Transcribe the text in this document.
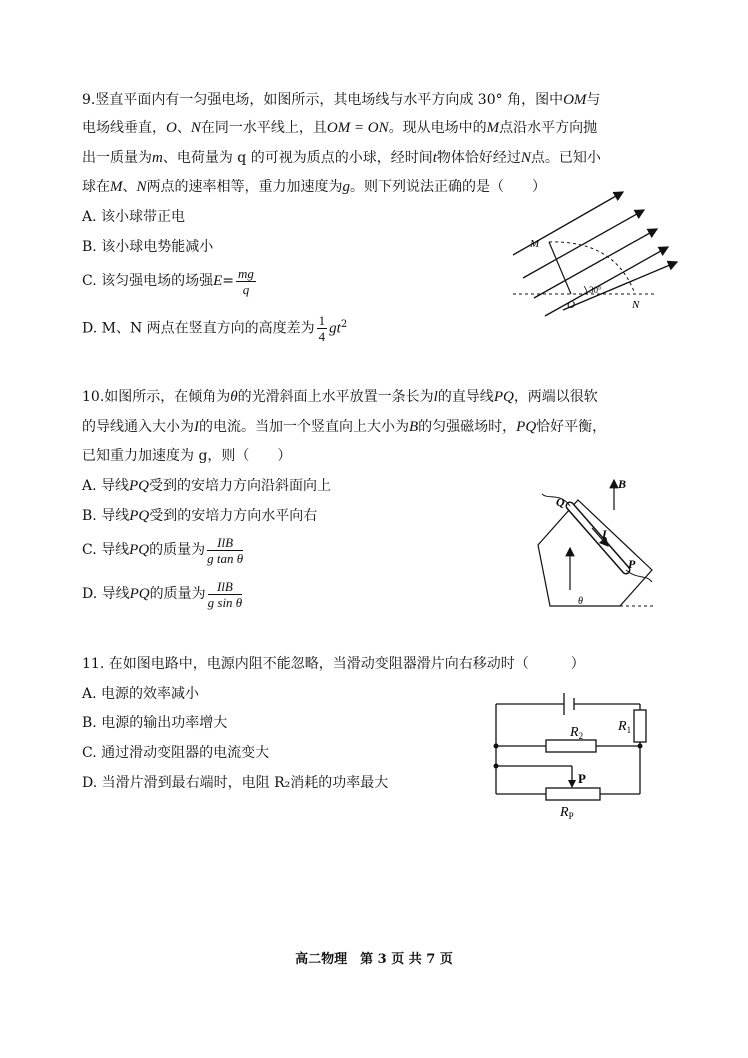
9.竖直平面内有一匀强电场，如图所示，其电场线与水平方向成 30° 角，图中OM与
电场线垂直，O、N在同一水平线上，且OM = ON。现从电场中的M点沿水平方向抛
出一质量为m、电荷量为 q 的可视为质点的小球，经时间t物体恰好经过N点。已知小
球在M、N两点的速率相等，重力加速度为g。则下列说法正确的是（　　）
A. 该小球带正电
B. 该小球电势能减小
C. 该匀强电场的场强$E= \frac{mg}{q}$
D. M、N 两点在竖直方向的高度差为 $\frac{1}{4} gt^2$
M
O
30°
N
10.如图所示，在倾角为θ的光滑斜面上水平放置一条长为l的直导线PQ，两端以很软
的导线通入大小为I的电流。当加一个竖直向上大小为B的匀强磁场时，PQ恰好平衡，
已知重力加速度为 g，则（　　）
A. 导线PQ受到的安培力方向沿斜面向上
B. 导线PQ受到的安培力方向水平向右
C. 导线PQ的质量为 $\frac{\text{IlB}}{\text{g tan θ}}$
D. 导线PQ的质量为 $\frac{\text{IlB}}{\text{g sin θ}}$	θ
B
I
Q
P
11. 在如图电路中，电源内阻不能忽略，当滑动变阻器滑片向右移动时（　　　）
A. 电源的效率减小
B. 电源的输出功率增大
C. 通过滑动变阻器的电流变大
D. 当滑片滑到最右端时，电阻 R₂消耗的功率最大
$R_1$
$R_2$
P
$R_P$
高二物理　第 3 页 共 7 页
